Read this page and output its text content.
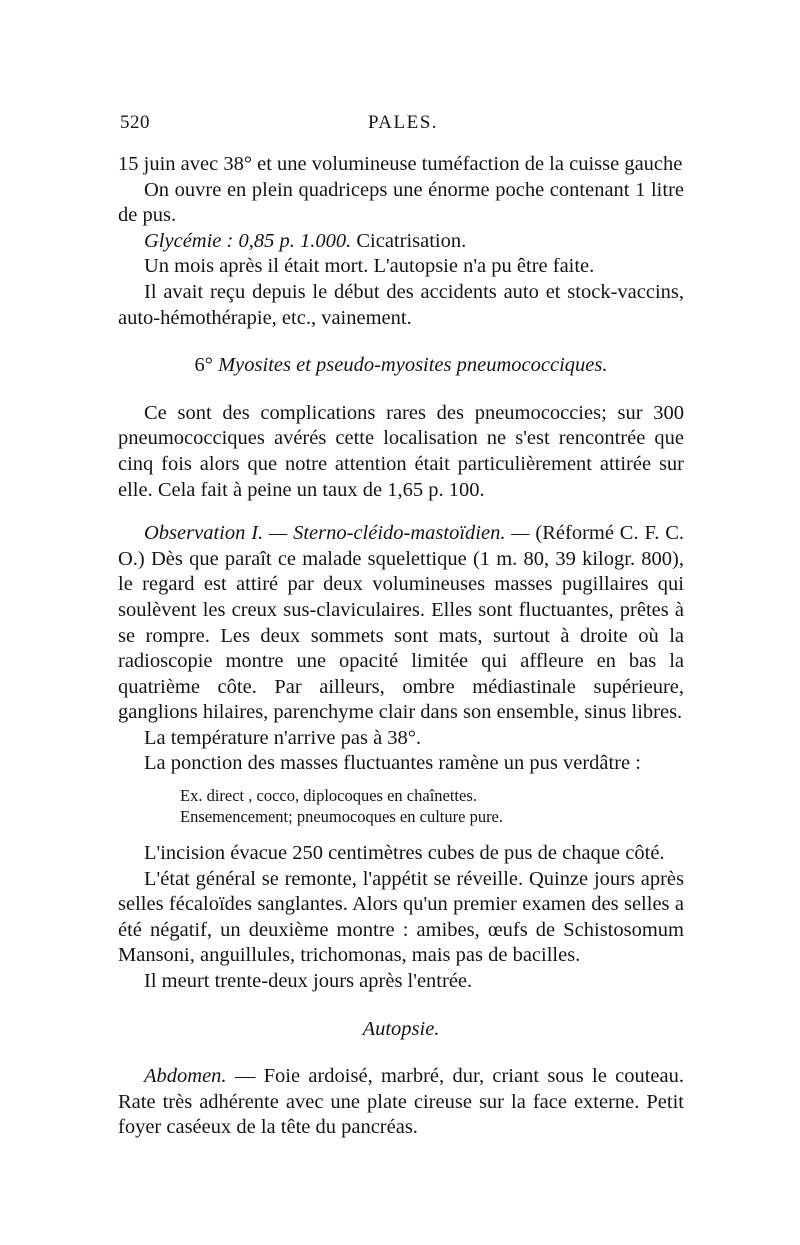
520	PALES.

15 juin avec 38° et une volumineuse tuméfaction de la cuisse gauche

On ouvre en plein quadriceps une énorme poche contenant 1 litre de pus.

Glycémie : 0,85 p. 1.000. Cicatrisation.

Un mois après il était mort. L'autopsie n'a pu être faite.

Il avait reçu depuis le début des accidents auto et stock-vaccins, auto-hémothérapie, etc., vainement.

6° Myosites et pseudo-myosites pneumococciques.

Ce sont des complications rares des pneumococcies; sur 300 pneumococciques avérés cette localisation ne s'est rencontrée que cinq fois alors que notre attention était particulièrement attirée sur elle. Cela fait à peine un taux de 1,65 p. 100.

Observation I. — Sterno-cléido-mastoïdien. — (Réformé C. F. C. O.) Dès que paraît ce malade squelettique (1 m. 80, 39 kilogr. 800), le regard est attiré par deux volumineuses masses pugillaires qui soulèvent les creux sus-claviculaires. Elles sont fluctuantes, prêtes à se rompre. Les deux sommets sont mats, surtout à droite où la radioscopie montre une opacité limitée qui affleure en bas la quatrième côte. Par ailleurs, ombre médiastinale supérieure, ganglions hilaires, parenchyme clair dans son ensemble, sinus libres.

La température n'arrive pas à 38°.

La ponction des masses fluctuantes ramène un pus verdâtre :

Ex. direct , cocco, diplocoques en chaînettes.

Ensemencement; pneumocoques en culture pure.

L'incision évacue 250 centimètres cubes de pus de chaque côté.

L'état général se remonte, l'appétit se réveille. Quinze jours après selles fécaloïdes sanglantes. Alors qu'un premier examen des selles a été négatif, un deuxième montre : amibes, œufs de Schistosomum Mansoni, anguillules, trichomonas, mais pas de bacilles.

Il meurt trente-deux jours après l'entrée.

Autopsie.

Abdomen. — Foie ardoisé, marbré, dur, criant sous le couteau. Rate très adhérente avec une plate cireuse sur la face externe. Petit foyer caséeux de la tête du pancréas.
